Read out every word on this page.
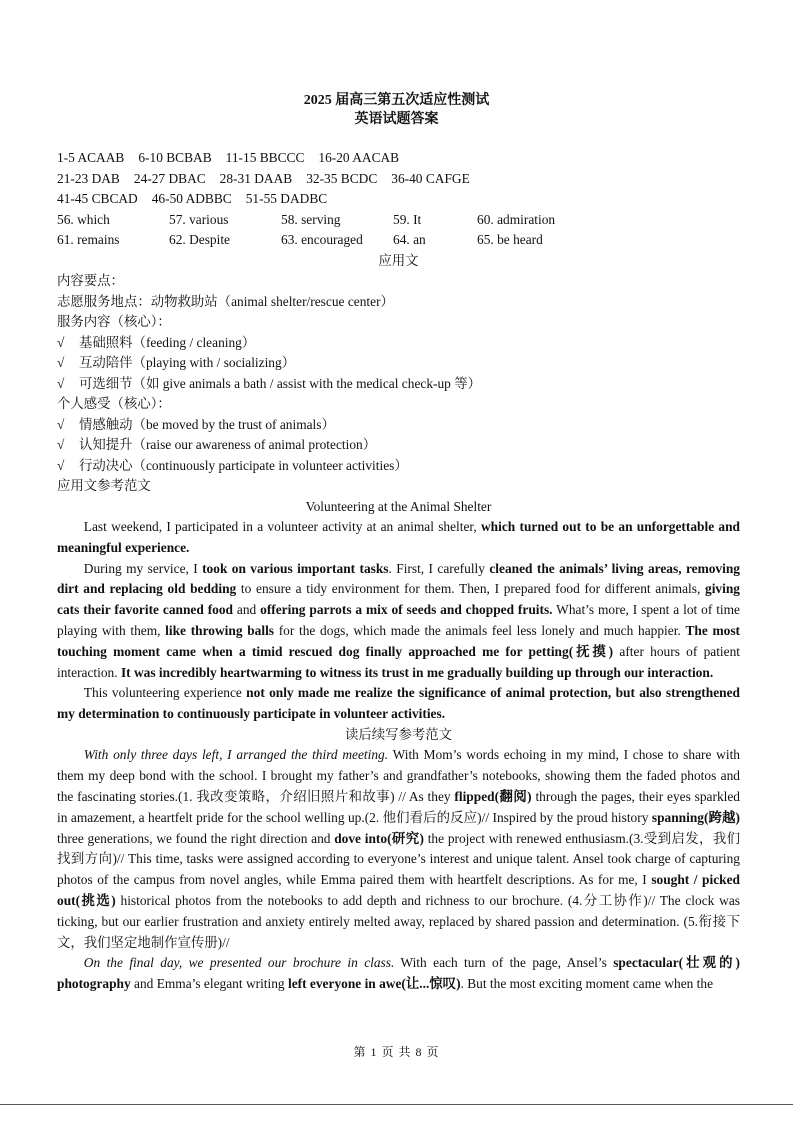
2025 届高三第五次适应性测试
英语试题答案
1-5 ACAAB 6-10 BCBAB 11-15 BBCCC 16-20 AACAB
21-23 DAB 24-27 DBAC 28-31 DAAB 32-35 BCDC 36-40 CAFGE
41-45 CBCAD 46-50 ADBBC 51-55 DADBC
56. which	57. various	58. serving	59. It	60. admiration
61. remains	62. Despite	63. encouraged	64. an	65. be heard
应用文
内容要点：
志愿服务地点：动物救助站（animal shelter/rescue center）
服务内容（核心）：
√ 基础照料（feeding / cleaning）
√ 互动陪伴（playing with / socializing）
√ 可选细节（如 give animals a bath / assist with the medical check-up 等）
个人感受（核心）：
√ 情感触动（be moved by the trust of animals）
√ 认知提升（raise our awareness of animal protection）
√ 行动决心（continuously participate in volunteer activities）
应用文参考范文
Volunteering at the Animal Shelter

Last weekend, I participated in a volunteer activity at an animal shelter, which turned out to be an unforgettable and meaningful experience.

During my service, I took on various important tasks. First, I carefully cleaned the animals’ living areas, removing dirt and replacing old bedding to ensure a tidy environment for them. Then, I prepared food for different animals, giving cats their favorite canned food and offering parrots a mix of seeds and chopped fruits. What’s more, I spent a lot of time playing with them, like throwing balls for the dogs, which made the animals feel less lonely and much happier. The most touching moment came when a timid rescued dog finally approached me for petting(抚摸) after hours of patient interaction. It was incredibly heartwarming to witness its trust in me gradually building up through our interaction.

This volunteering experience not only made me realize the significance of animal protection, but also strengthened my determination to continuously participate in volunteer activities.

读后续写参考范文

With only three days left, I arranged the third meeting. With Mom’s words echoing in my mind, I chose to share with them my deep bond with the school. I brought my father’s and grandfather’s notebooks, showing them the faded photos and the fascinating stories.(1. 我改变策略，介绍旧照片和故事) // As they flipped(翻阅) through the pages, their eyes sparkled in amazement, a heartfelt pride for the school welling up.(2. 他们看后的反应)// Inspired by the proud history spanning(跨越) three generations, we found the right direction and dove into(研究) the project with renewed enthusiasm.(3.受到启发，我们找到方向)// This time, tasks were assigned according to everyone’s interest and unique talent. Ansel took charge of capturing photos of the campus from novel angles, while Emma paired them with heartfelt descriptions. As for me, I sought / picked out(挑选) historical photos from the notebooks to add depth and richness to our brochure. (4.分工协作)// The clock was ticking, but our earlier frustration and anxiety entirely melted away, replaced by shared passion and determination. (5.衔接下文，我们坚定地制作宣传册)//

On the final day, we presented our brochure in class. With each turn of the page, Ansel’s spectacular(壮观的) photography and Emma’s elegant writing left everyone in awe(让...惊叹). But the most exciting moment came when the

第 1 页 共 8 页
